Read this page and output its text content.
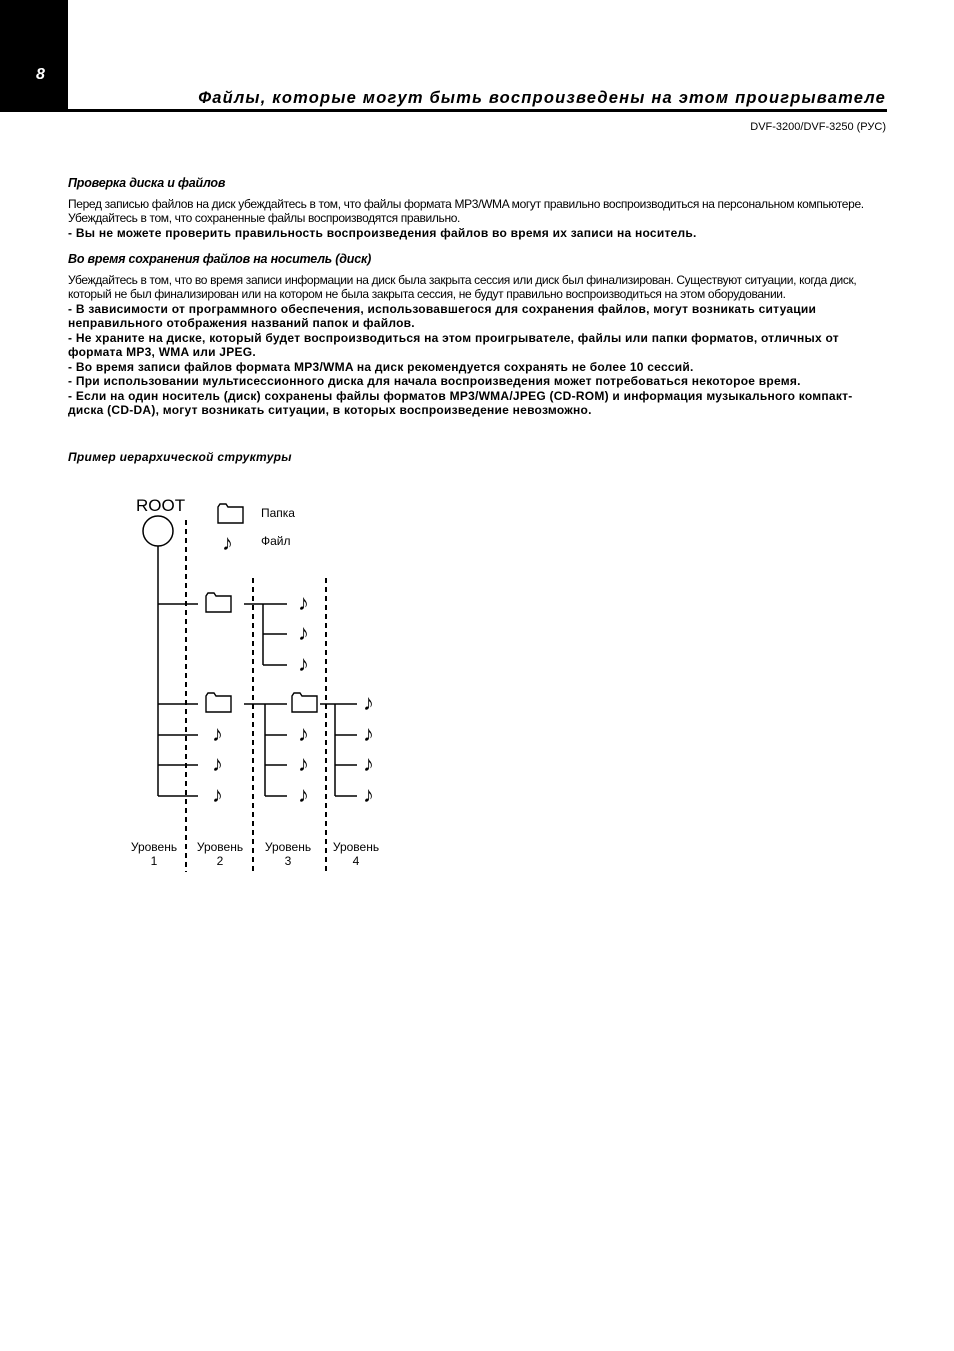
8
Файлы, которые могут быть воспроизведены на этом проигрывателе
DVF-3200/DVF-3250 (РУС)

Проверка диска и файлов

Перед записью файлов на диск убеждайтесь в том, что файлы формата MP3/WMA могут правильно воспроизводиться на персональном компьютере. Убеждайтесь в том, что сохраненные файлы воспроизводятся правильно.

- Вы не можете проверить правильность воспроизведения файлов во время их записи на носитель.

Во время сохранения файлов на носитель (диск)

Убеждайтесь в том, что во время записи информации на диск была закрыта сессия или диск был финализирован. Существуют ситуации, когда диск, который не был финализирован или на котором не была закрыта сессия, не будут правильно воспроизводиться на этом оборудовании.

- В зависимости от программного обеспечения, использовавшегося для сохранения файлов, могут возникать ситуации неправильного отображения названий папок и файлов.

- Не храните на диске, который будет воспроизводиться на этом проигрывателе, файлы или папки форматов, отличных от формата MP3, WMA или JPEG.

- Во время записи файлов формата MP3/WMA на диск рекомендуется сохранять не более 10 сессий.

- При использовании мультисессионного диска для начала воспроизведения может потребоваться некоторое время.

- Если на один носитель (диск) сохранены файлы форматов MP3/WMA/JPEG (CD-ROM) и информация музыкального компакт-диска (CD-DA), могут возникать ситуации, в которых воспроизведение невозможно.

Пример иерархической структуры
ROOT	Папка
♪ Файл
♪
♪
♪
♪
♪
♪
♪
♪
♪
♪
♪
♪
♪
Уровень
1
Уровень
2
Уровень
3
Уровень
4
